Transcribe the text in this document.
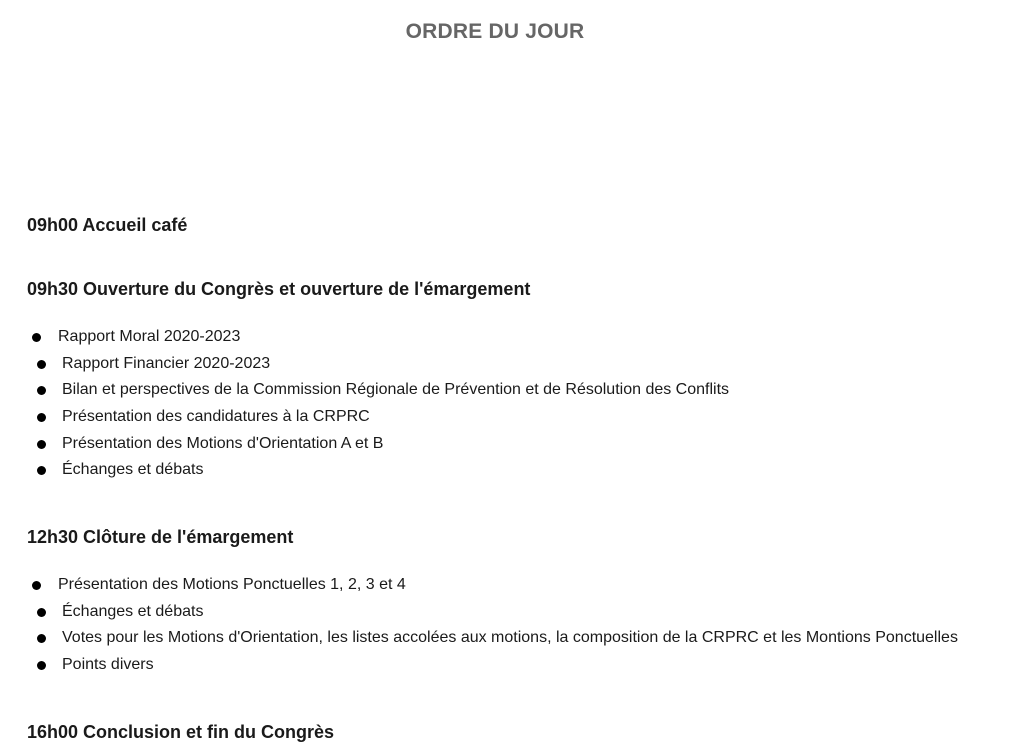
ORDRE DU JOUR
09h00 Accueil café
09h30 Ouverture du Congrès et ouverture de l'émargement
Rapport Moral 2020-2023
Rapport Financier 2020-2023
Bilan et perspectives de la Commission Régionale de Prévention et de Résolution des Conflits
Présentation des candidatures à la CRPRC
Présentation des Motions d'Orientation A et B
Échanges et débats
12h30 Clôture de l'émargement
Présentation des Motions Ponctuelles 1, 2, 3 et 4
Échanges et débats
Votes pour les Motions d'Orientation, les listes accolées aux motions, la composition de la CRPRC et les Montions Ponctuelles
Points divers
16h00 Conclusion et fin du Congrès
